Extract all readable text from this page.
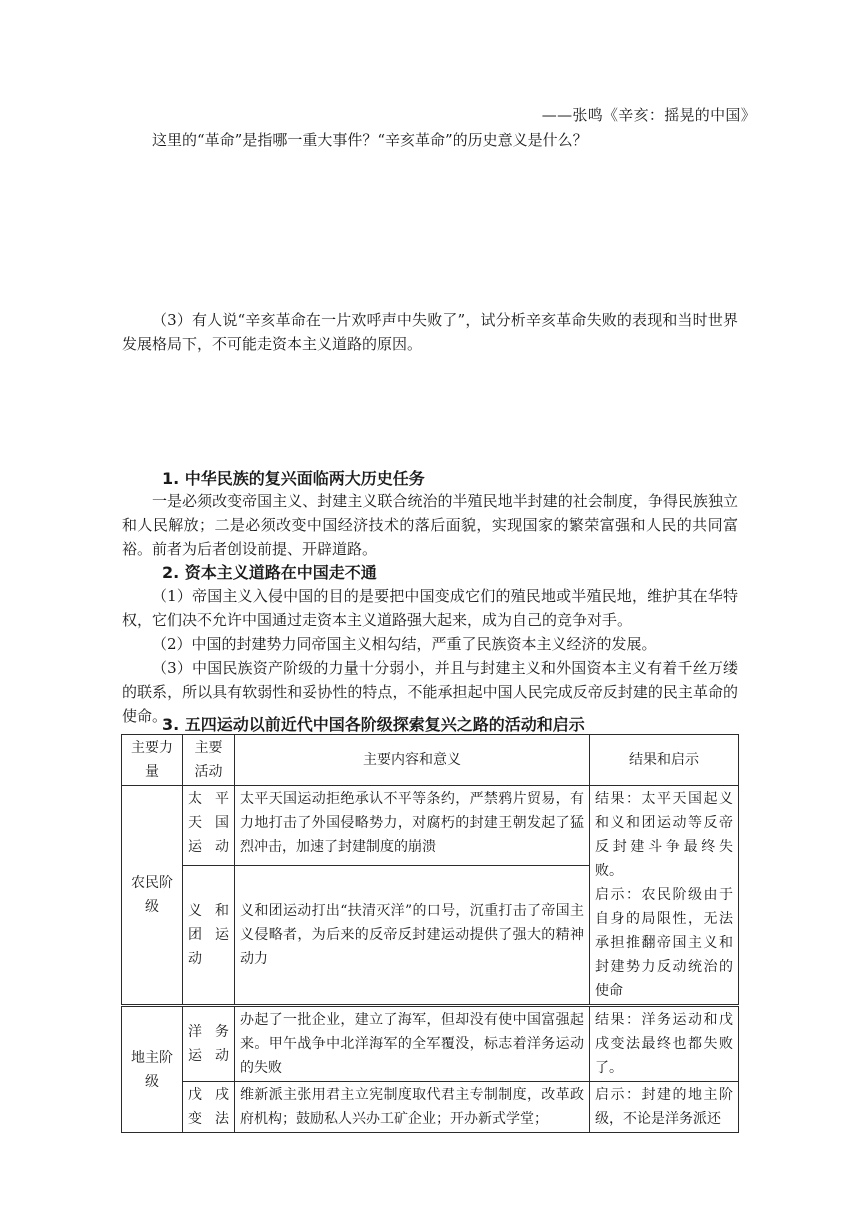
——张鸣《辛亥：摇晃的中国》
这里的“革命”是指哪一重大事件？“辛亥革命”的历史意义是什么？
（3）有人说“辛亥革命在一片欢呼声中失败了”，试分析辛亥革命失败的表现和当时世界发展格局下，不可能走资本主义道路的原因。
1. 中华民族的复兴面临两大历史任务
一是必须改变帝国主义、封建主义联合统治的半殖民地半封建的社会制度，争得民族独立和人民解放；二是必须改变中国经济技术的落后面貌，实现国家的繁荣富强和人民的共同富裕。前者为后者创设前提、开辟道路。
2. 资本主义道路在中国走不通
（1）帝国主义入侵中国的目的是要把中国变成它们的殖民地或半殖民地，维护其在华特权，它们决不允许中国通过走资本主义道路强大起来，成为自己的竞争对手。
（2）中国的封建势力同帝国主义相勾结，严重了民族资本主义经济的发展。
（3）中国民族资产阶级的力量十分弱小，并且与封建主义和外国资本主义有着千丝万缕的联系，所以具有软弱性和妥协性的特点，不能承担起中国人民完成反帝反封建的民主革命的使命。
3. 五四运动以前近代中国各阶级探索复兴之路的活动和启示
主要力量	主要活动	主要内容和意义	结果和启示
农民阶级	太平天国运动	太平天国运动拒绝承认不平等条约，严禁鸦片贸易，有力地打击了外国侵略势力，对腐朽的封建王朝发起了猛烈冲击，加速了封建制度的崩溃	结果：太平天国起义和义和团运动等反帝反封建斗争最终失败。
启示：农民阶级由于自身的局限性，无法承担推翻帝国主义和封建势力反动统治的使命

	义和团运动	义和团运动打出“扶清灭洋”的口号，沉重打击了帝国主义侵略者，为后来的反帝反封建运动提供了强大的精神动力	
地主阶级	洋务运动	办起了一批企业，建立了海军，但却没有使中国富强起来。甲午战争中北洋海军的全军覆没，标志着洋务运动的失败	结果：洋务运动和戊戌变法最终也都失败了。
	戊戌变法	维新派主张用君主立宪制度取代君主专制制度，改革政府机构；鼓励私人兴办工矿企业；开办新式学堂；	启示：封建的地主阶级，不论是洋务派还
